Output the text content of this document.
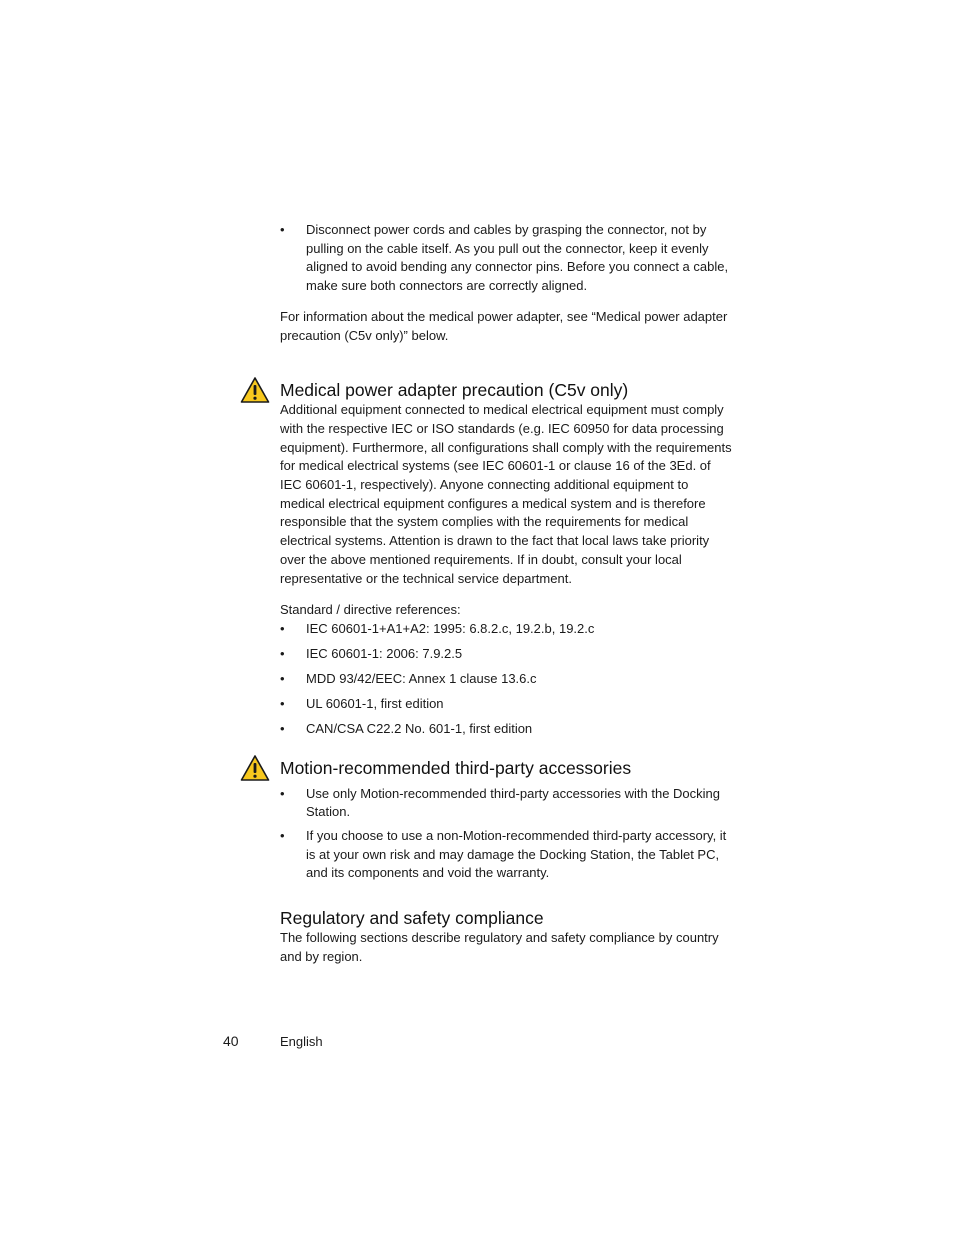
• Disconnect power cords and cables by grasping the connector, not by pulling on the cable itself. As you pull out the connector, keep it evenly aligned to avoid bending any connector pins. Before you connect a cable, make sure both connectors are correctly aligned.

For information about the medical power adapter, see “Medical power adapter precaution (C5v only)” below.

Medical power adapter precaution (C5v only)

Additional equipment connected to medical electrical equipment must comply with the respective IEC or ISO standards (e.g. IEC 60950 for data processing equipment). Furthermore, all configurations shall comply with the requirements for medical electrical systems (see IEC 60601-1 or clause 16 of the 3Ed. of IEC 60601-1, respectively). Anyone connecting additional equipment to medical electrical equipment configures a medical system and is therefore responsible that the system complies with the requirements for medical electrical systems. Attention is drawn to the fact that local laws take priority over the above mentioned requirements. If in doubt, consult your local representative or the technical service department.

Standard / directive references:

• IEC 60601-1+A1+A2: 1995: 6.8.2.c, 19.2.b, 19.2.c
• IEC 60601-1: 2006: 7.9.2.5
• MDD 93/42/EEC: Annex 1 clause 13.6.c
• UL 60601-1, first edition
• CAN/CSA C22.2 No. 601-1, first edition
Motion-recommended third-party accessories
• Use only Motion-recommended third-party accessories with the Docking Station.
• If you choose to use a non-Motion-recommended third-party accessory, it is at your own risk and may damage the Docking Station, the Tablet PC, and its components and void the warranty.
Regulatory and safety compliance

The following sections describe regulatory and safety compliance by country and by region.

40	English
